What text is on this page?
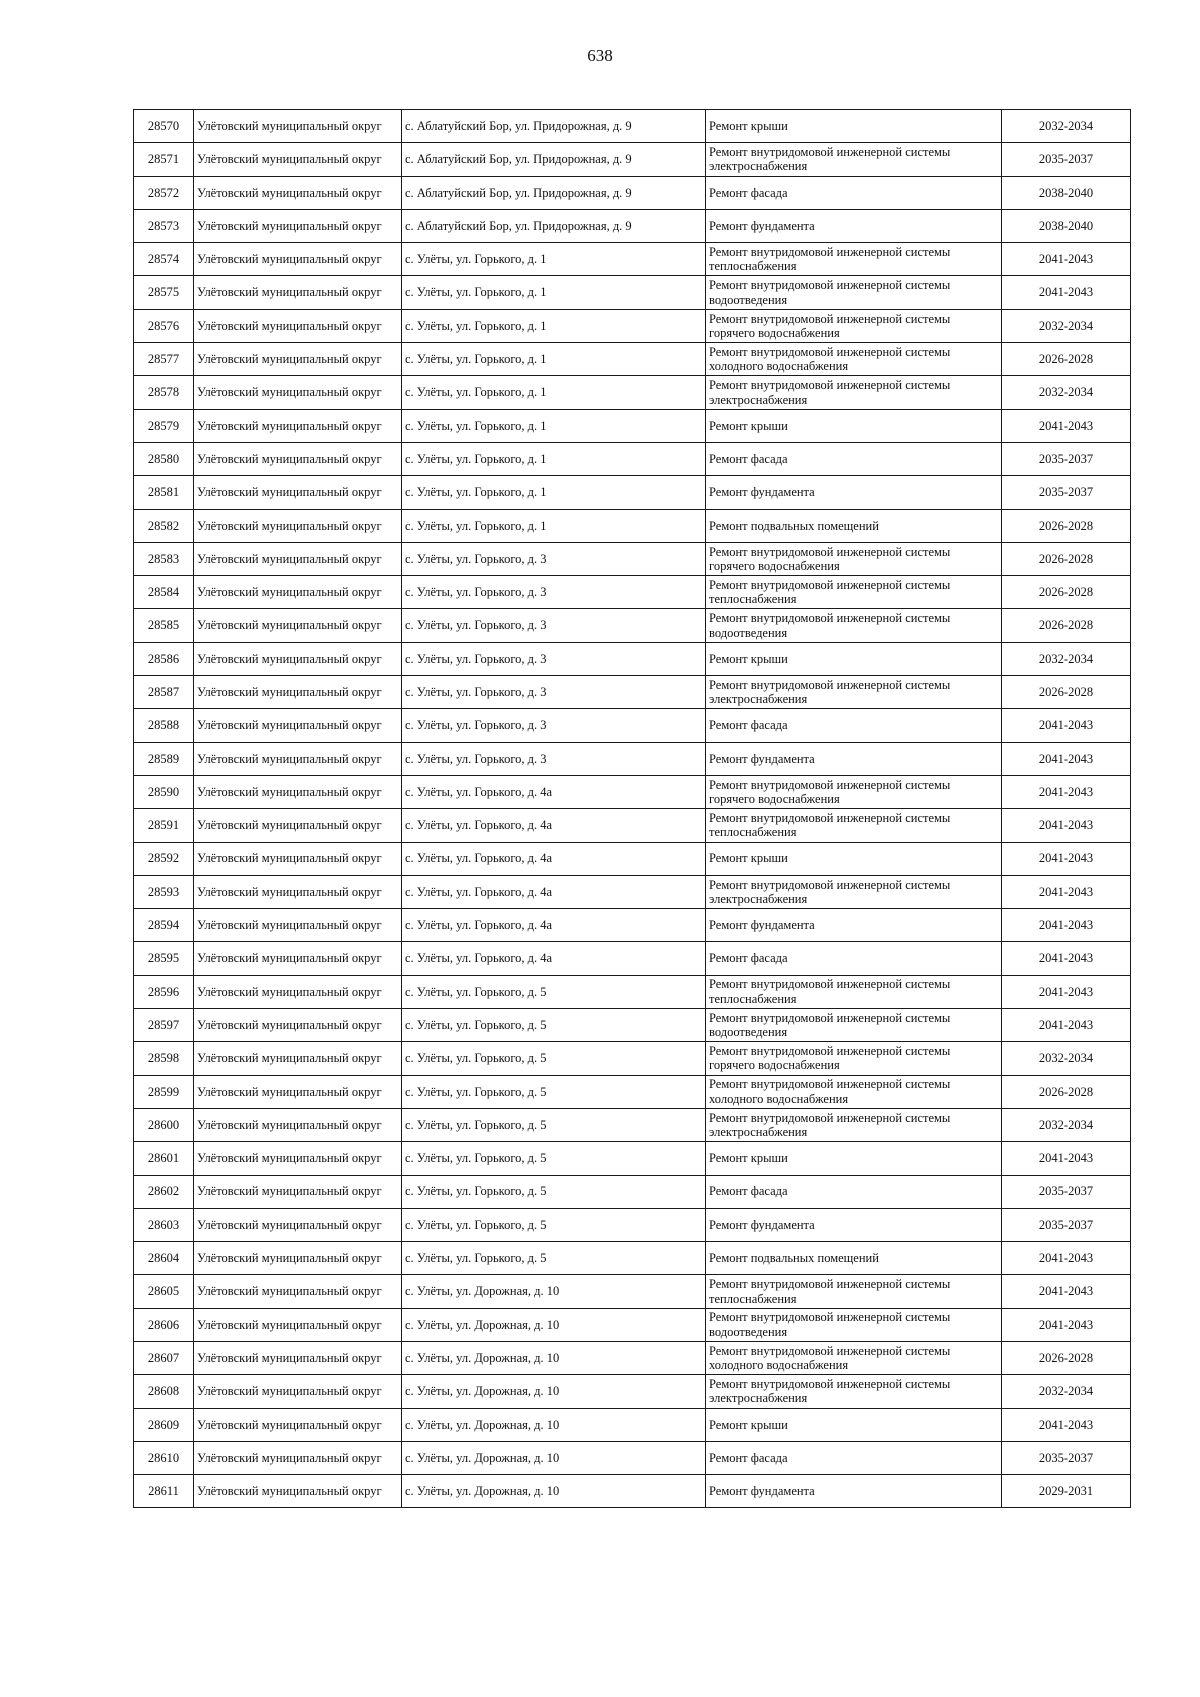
638
28570	Улётовский муниципальный округ	с. Аблатуйский Бор, ул. Придорожная, д. 9	Ремонт крыши	2032-2034
28571	Улётовский муниципальный округ	с. Аблатуйский Бор, ул. Придорожная, д. 9	Ремонт внутридомовой инженерной системы электроснабжения	2035-2037
28572	Улётовский муниципальный округ	с. Аблатуйский Бор, ул. Придорожная, д. 9	Ремонт фасада	2038-2040
28573	Улётовский муниципальный округ	с. Аблатуйский Бор, ул. Придорожная, д. 9	Ремонт фундамента	2038-2040
28574	Улётовский муниципальный округ	с. Улёты, ул. Горького, д. 1	Ремонт внутридомовой инженерной системы теплоснабжения	2041-2043
28575	Улётовский муниципальный округ	с. Улёты, ул. Горького, д. 1	Ремонт внутридомовой инженерной системы водоотведения	2041-2043
28576	Улётовский муниципальный округ	с. Улёты, ул. Горького, д. 1	Ремонт внутридомовой инженерной системы горячего водоснабжения	2032-2034
28577	Улётовский муниципальный округ	с. Улёты, ул. Горького, д. 1	Ремонт внутридомовой инженерной системы холодного водоснабжения	2026-2028
28578	Улётовский муниципальный округ	с. Улёты, ул. Горького, д. 1	Ремонт внутридомовой инженерной системы электроснабжения	2032-2034
28579	Улётовский муниципальный округ	с. Улёты, ул. Горького, д. 1	Ремонт крыши	2041-2043
28580	Улётовский муниципальный округ	с. Улёты, ул. Горького, д. 1	Ремонт фасада	2035-2037
28581	Улётовский муниципальный округ	с. Улёты, ул. Горького, д. 1	Ремонт фундамента	2035-2037
28582	Улётовский муниципальный округ	с. Улёты, ул. Горького, д. 1	Ремонт подвальных помещений	2026-2028
28583	Улётовский муниципальный округ	с. Улёты, ул. Горького, д. 3	Ремонт внутридомовой инженерной системы горячего водоснабжения	2026-2028
28584	Улётовский муниципальный округ	с. Улёты, ул. Горького, д. 3	Ремонт внутридомовой инженерной системы теплоснабжения	2026-2028
28585	Улётовский муниципальный округ	с. Улёты, ул. Горького, д. 3	Ремонт внутридомовой инженерной системы водоотведения	2026-2028
28586	Улётовский муниципальный округ	с. Улёты, ул. Горького, д. 3	Ремонт крыши	2032-2034
28587	Улётовский муниципальный округ	с. Улёты, ул. Горького, д. 3	Ремонт внутридомовой инженерной системы электроснабжения	2026-2028
28588	Улётовский муниципальный округ	с. Улёты, ул. Горького, д. 3	Ремонт фасада	2041-2043
28589	Улётовский муниципальный округ	с. Улёты, ул. Горького, д. 3	Ремонт фундамента	2041-2043
28590	Улётовский муниципальный округ	с. Улёты, ул. Горького, д. 4а	Ремонт внутридомовой инженерной системы горячего водоснабжения	2041-2043
28591	Улётовский муниципальный округ	с. Улёты, ул. Горького, д. 4а	Ремонт внутридомовой инженерной системы теплоснабжения	2041-2043
28592	Улётовский муниципальный округ	с. Улёты, ул. Горького, д. 4а	Ремонт крыши	2041-2043
28593	Улётовский муниципальный округ	с. Улёты, ул. Горького, д. 4а	Ремонт внутридомовой инженерной системы электроснабжения	2041-2043
28594	Улётовский муниципальный округ	с. Улёты, ул. Горького, д. 4а	Ремонт фундамента	2041-2043
28595	Улётовский муниципальный округ	с. Улёты, ул. Горького, д. 4а	Ремонт фасада	2041-2043
28596	Улётовский муниципальный округ	с. Улёты, ул. Горького, д. 5	Ремонт внутридомовой инженерной системы теплоснабжения	2041-2043
28597	Улётовский муниципальный округ	с. Улёты, ул. Горького, д. 5	Ремонт внутридомовой инженерной системы водоотведения	2041-2043
28598	Улётовский муниципальный округ	с. Улёты, ул. Горького, д. 5	Ремонт внутридомовой инженерной системы горячего водоснабжения	2032-2034
28599	Улётовский муниципальный округ	с. Улёты, ул. Горького, д. 5	Ремонт внутридомовой инженерной системы холодного водоснабжения	2026-2028
28600	Улётовский муниципальный округ	с. Улёты, ул. Горького, д. 5	Ремонт внутридомовой инженерной системы электроснабжения	2032-2034
28601	Улётовский муниципальный округ	с. Улёты, ул. Горького, д. 5	Ремонт крыши	2041-2043
28602	Улётовский муниципальный округ	с. Улёты, ул. Горького, д. 5	Ремонт фасада	2035-2037
28603	Улётовский муниципальный округ	с. Улёты, ул. Горького, д. 5	Ремонт фундамента	2035-2037
28604	Улётовский муниципальный округ	с. Улёты, ул. Горького, д. 5	Ремонт подвальных помещений	2041-2043
28605	Улётовский муниципальный округ	с. Улёты, ул. Дорожная, д. 10	Ремонт внутридомовой инженерной системы теплоснабжения	2041-2043
28606	Улётовский муниципальный округ	с. Улёты, ул. Дорожная, д. 10	Ремонт внутридомовой инженерной системы водоотведения	2041-2043
28607	Улётовский муниципальный округ	с. Улёты, ул. Дорожная, д. 10	Ремонт внутридомовой инженерной системы холодного водоснабжения	2026-2028
28608	Улётовский муниципальный округ	с. Улёты, ул. Дорожная, д. 10	Ремонт внутридомовой инженерной системы электроснабжения	2032-2034
28609	Улётовский муниципальный округ	с. Улёты, ул. Дорожная, д. 10	Ремонт крыши	2041-2043
28610	Улётовский муниципальный округ	с. Улёты, ул. Дорожная, д. 10	Ремонт фасада	2035-2037
28611	Улётовский муниципальный округ	с. Улёты, ул. Дорожная, д. 10	Ремонт фундамента	2029-2031
